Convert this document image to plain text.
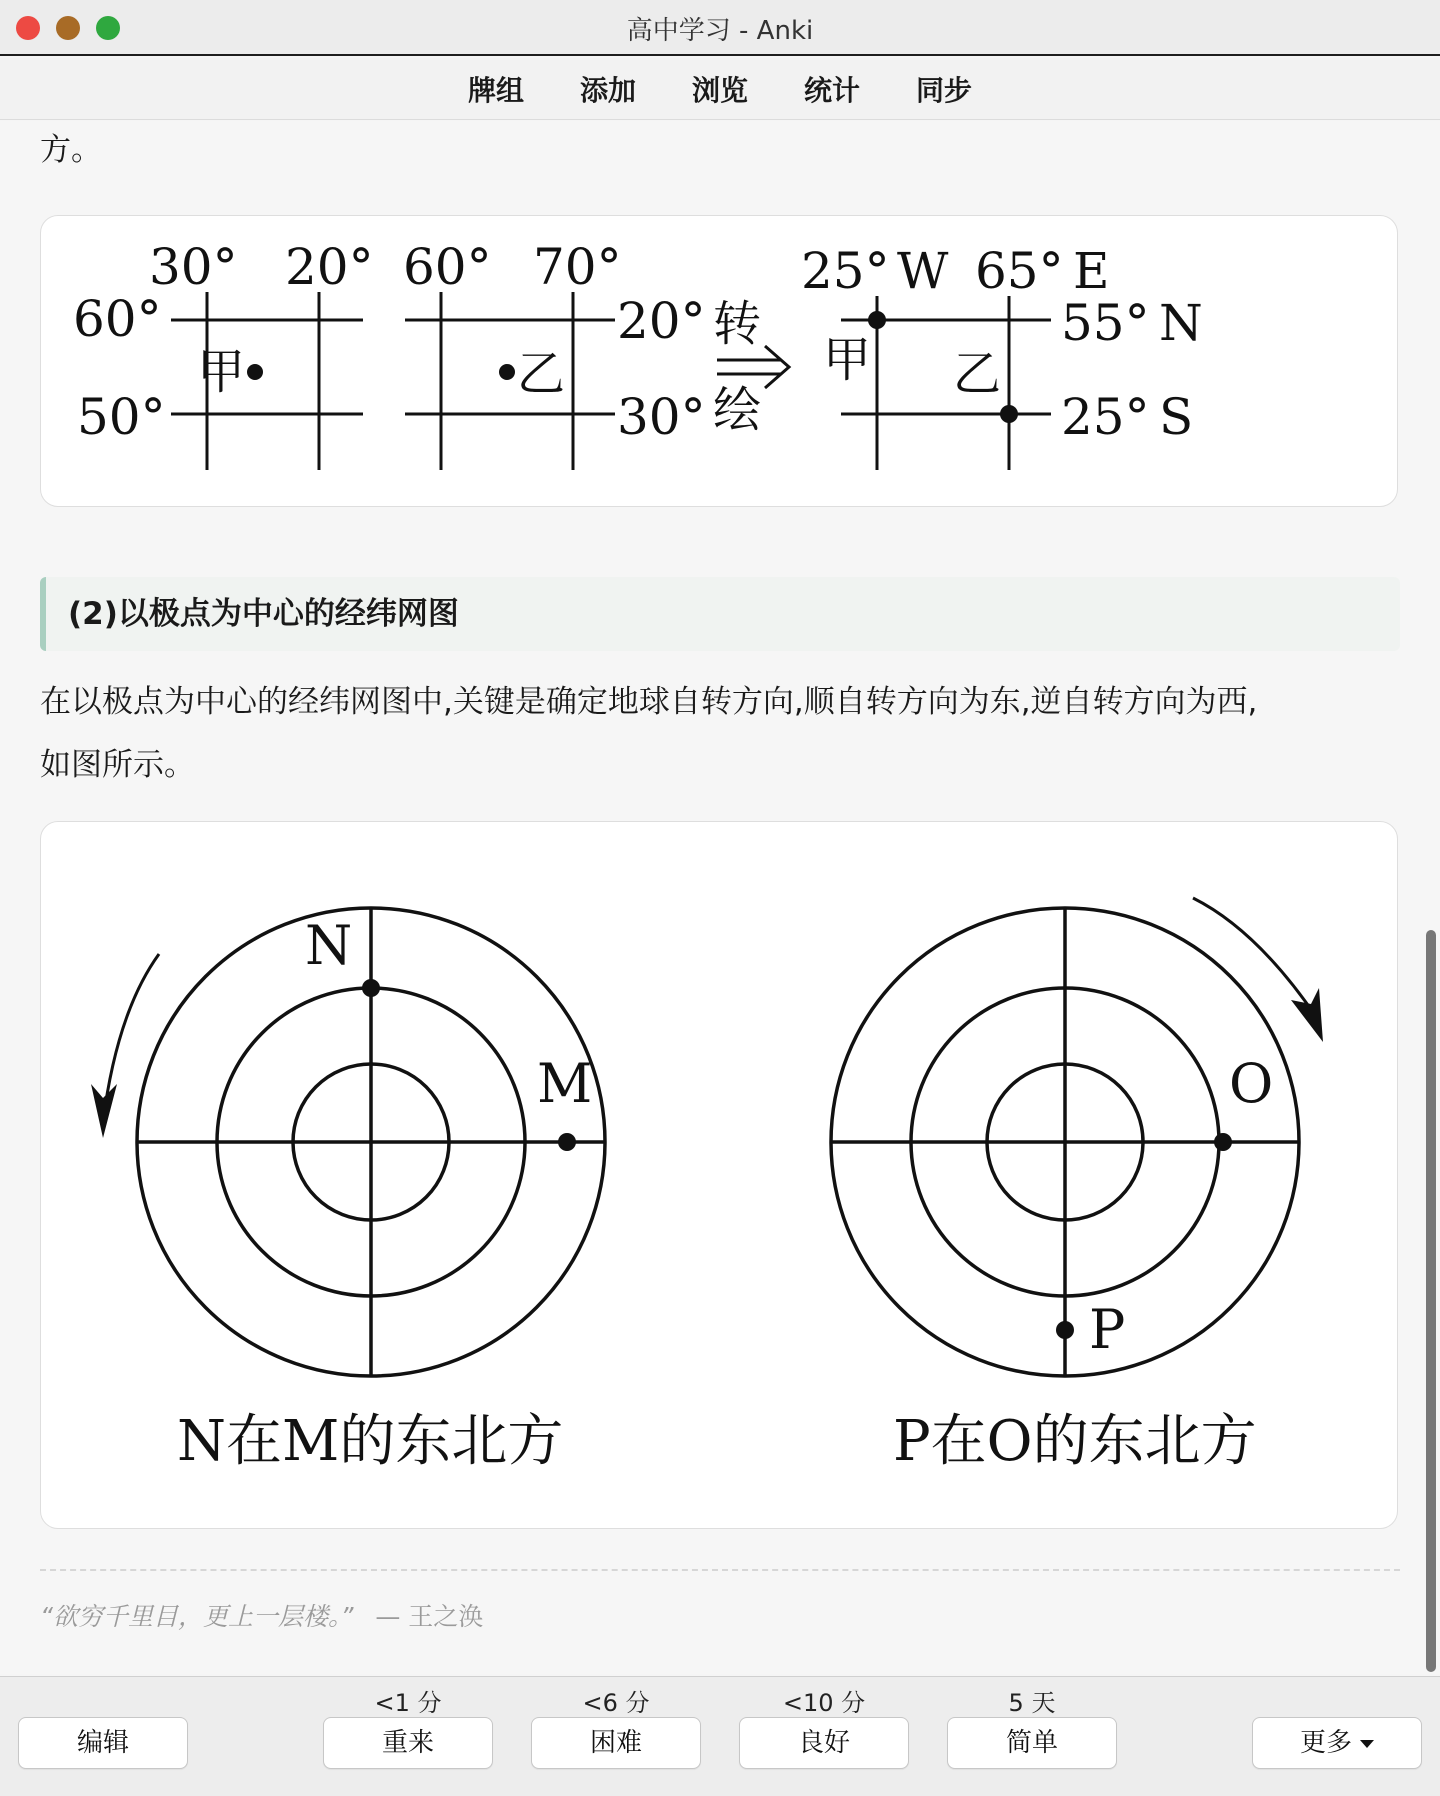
高中学习 - Anki
牌组 添加 浏览 统计 同步
方。
30° 20°
60°
50°
甲
60° 70°
20°
30°
乙
转
绘
25° W 65° E
55° N
25° S
甲 乙
(2)以极点为中心的经纬网图
在以极点为中心的经纬网图中,关键是确定地球自转方向,顺自转方向为东,逆自转方向为西,
如图所示。
N
M
N在M的东北方
O
P
P在O的东北方
“欲穷千里目，更上一层楼。” — 王之涣
编辑
<1 分
重来
<6 分
困难
<10 分
良好
5 天
简单	更多
